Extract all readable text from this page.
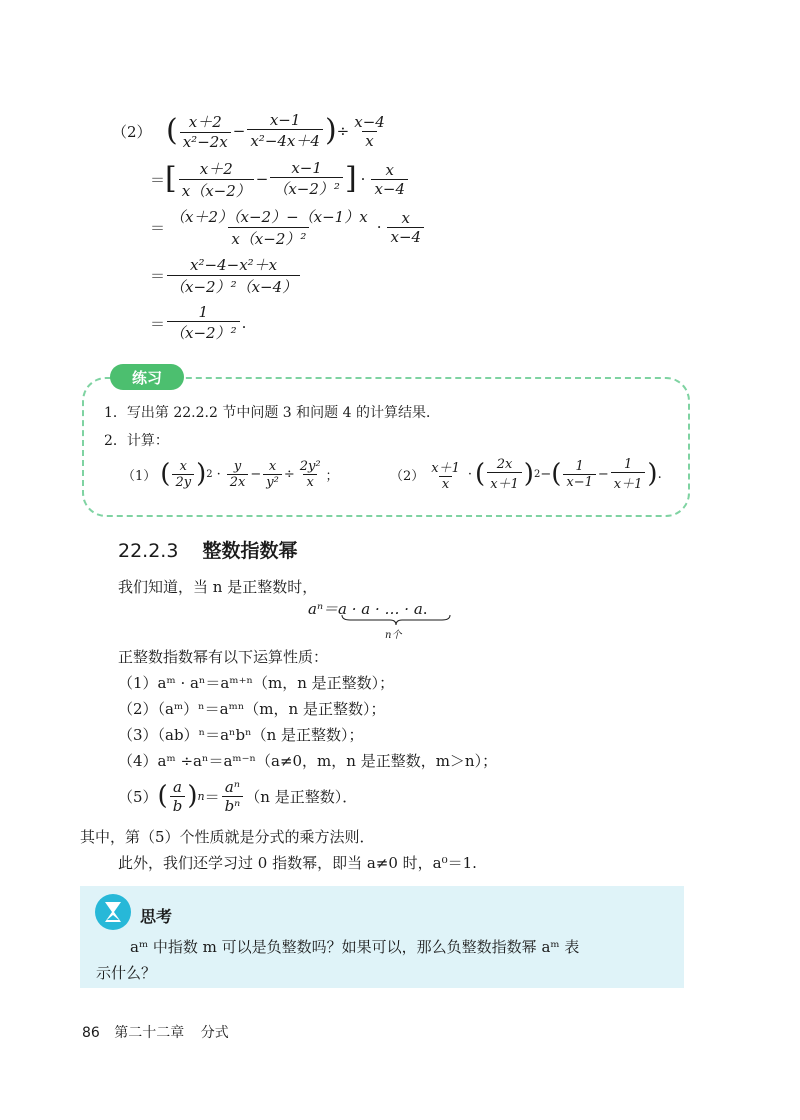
（2） ( $\frac{x+2}{\text{x²−2x}} - \frac{x-1}{\text{x²−4x＋4}}$ ) ÷ $\frac{x-4}{x}$
＝ [ $\frac{x+2}{x(x-2)} - \frac{x-1}{\text{（x−2）²}}$ ] · $\frac{x}{x-4}$
＝ $\frac{(x+2)(x-2)-(x-1)x}{\text{x（x−2）²}} \cdot \frac{x}{x-4}$
＝ $\frac{\text{x²−4−x²＋x}}{\text{（x−2）²（x−4）}}$
＝ $\frac{1}{\text{（x−2）²}}$ .
练习
1．写出第 22.2.2 节中问题 3 和问题 4 的计算结果．
2．计算：
（1） ( $\frac{x}{2y}$ ) $2 \cdot \frac{y}{2x} - \frac{x}{\text{y²}} \div \frac{\text{2y²}}{x}$ ；	$(2) \frac{x+1}{x}$ · ( $\frac{2x}{x+1}$ ) 2 − ( $\frac{1}{x-1} - \frac{1}{x+1}$ ) .
22.2.3 整数指数幂
我们知道，当 n 是正整数时，
aⁿ＝a · a · … · a.
n个
正整数指数幂有以下运算性质：
（1）aᵐ · aⁿ＝aᵐ⁺ⁿ（m，n 是正整数）；
（2）（aᵐ）ⁿ＝aᵐⁿ（m，n 是正整数）；
（3）（ab）ⁿ＝aⁿbⁿ（n 是正整数）；
（4）aᵐ ÷aⁿ＝aᵐ⁻ⁿ（a≠0，m，n 是正整数，m＞n）；
（5） ( $\frac{a}{b}$ ) $n = \frac{\text{aⁿ}}{\text{bⁿ}} (n$ 是正整数）．
其中，第（5）个性质就是分式的乘方法则．
此外，我们还学习过 0 指数幂，即当 a≠0 时，a⁰＝1.
思考
aᵐ 中指数 m 可以是负整数吗？如果可以，那么负整数指数幂 aᵐ 表
示什么？
86 第二十二章 分式
